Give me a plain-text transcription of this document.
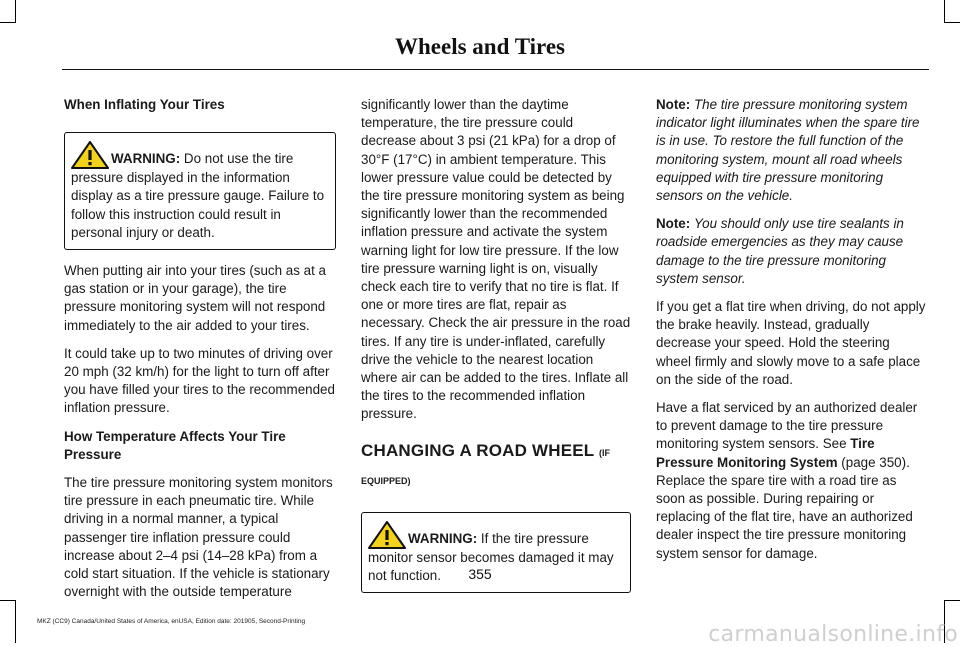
Wheels and Tires
When Inflating Your Tires
WARNING: Do not use the tire pressure displayed in the information display as a tire pressure gauge. Failure to follow this instruction could result in personal injury or death.

When putting air into your tires (such as at a gas station or in your garage), the tire pressure monitoring system will not respond immediately to the air added to your tires.

It could take up to two minutes of driving over 20 mph (32 km/h) for the light to turn off after you have filled your tires to the recommended inflation pressure.

How Temperature Affects Your Tire Pressure

The tire pressure monitoring system monitors tire pressure in each pneumatic tire. While driving in a normal manner, a typical passenger tire inflation pressure could increase about 2–4 psi (14–28 kPa) from a cold start situation. If the vehicle is stationary overnight with the outside temperature

significantly lower than the daytime temperature, the tire pressure could decrease about 3 psi (21 kPa) for a drop of 30°F (17°C) in ambient temperature. This lower pressure value could be detected by the tire pressure monitoring system as being significantly lower than the recommended inflation pressure and activate the system warning light for low tire pressure. If the low tire pressure warning light is on, visually check each tire to verify that no tire is flat. If one or more tires are flat, repair as necessary. Check the air pressure in the road tires. If any tire is under-inflated, carefully drive the vehicle to the nearest location where air can be added to the tires. Inflate all the tires to the recommended inflation pressure.

CHANGING A ROAD WHEEL (IF
EQUIPPED)
WARNING: If the tire pressure monitor sensor becomes damaged it may not function.

Note: The tire pressure monitoring system indicator light illuminates when the spare tire is in use. To restore the full function of the monitoring system, mount all road wheels equipped with tire pressure monitoring sensors on the vehicle.

Note: You should only use tire sealants in roadside emergencies as they may cause damage to the tire pressure monitoring system sensor.

If you get a flat tire when driving, do not apply the brake heavily. Instead, gradually decrease your speed. Hold the steering wheel firmly and slowly move to a safe place on the side of the road.

Have a flat serviced by an authorized dealer to prevent damage to the tire pressure monitoring system sensors. See Tire Pressure Monitoring System (page 350). Replace the spare tire with a road tire as soon as possible. During repairing or replacing of the flat tire, have an authorized dealer inspect the tire pressure monitoring system sensor for damage.

355
MKZ (CC9) Canada/United States of America, enUSA, Edition date: 201905, Second-Printing
carmanualsonline.info
